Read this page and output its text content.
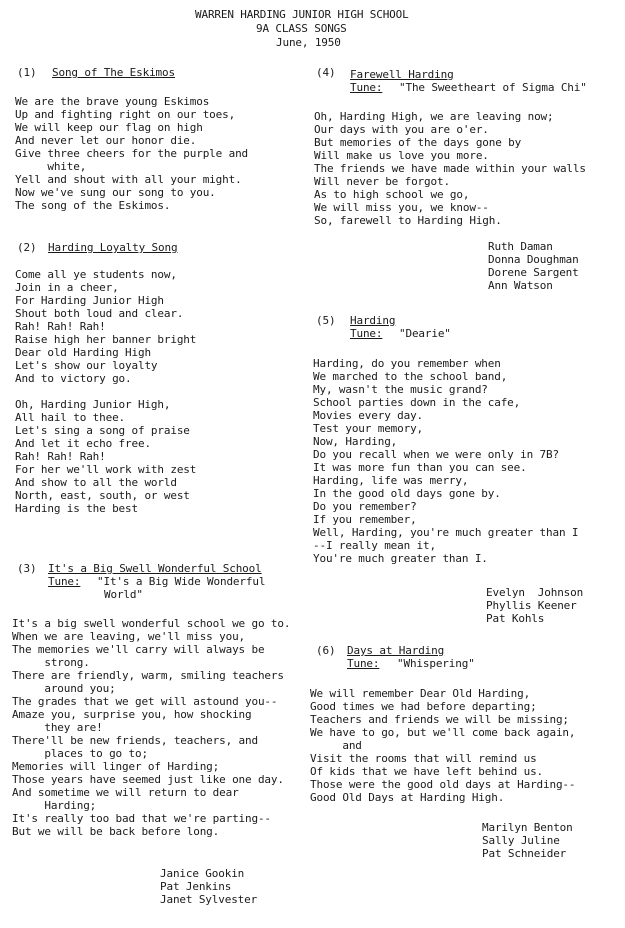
WARREN HARDING JUNIOR HIGH SCHOOL
9A CLASS SONGS
June, 1950
(1) Song of The Eskimos
We are the brave young Eskimos
Up and fighting right on our toes,
We will keep our flag on high
And never let our honor die.
Give three cheers for the purple and
white,
Yell and shout with all your might.
Now we've sung our song to you.
The song of the Eskimos.
(2) Harding Loyalty Song
Come all ye students now,
Join in a cheer,
For Harding Junior High
Shout both loud and clear.
Rah! Rah! Rah!
Raise high her banner bright
Dear old Harding High
Let's show our loyalty
And to victory go.
Oh, Harding Junior High,
All hail to thee.
Let's sing a song of praise
And let it echo free.
Rah! Rah! Rah!
For her we'll work with zest
And show to all the world
North, east, south, or west
Harding is the best
(3) It's a Big Swell Wonderful School
Tune: "It's a Big Wide Wonderful
World"
It's a big swell wonderful school we go to.
When we are leaving, we'll miss you,
The memories we'll carry will always be
strong.
There are friendly, warm, smiling teachers
around you;
The grades that we get will astound you--
Amaze you, surprise you, how shocking
they are!
There'll be new friends, teachers, and
places to go to;
Memories will linger of Harding;
Those years have seemed just like one day.
And sometime we will return to dear
Harding;
It's really too bad that we're parting--
But we will be back before long.
Janice Gookin
Pat Jenkins
Janet Sylvester
(4) Farewell Harding
Tune: "The Sweetheart of Sigma Chi"
Oh, Harding High, we are leaving now;
Our days with you are o'er.
But memories of the days gone by
Will make us love you more.
The friends we have made within your walls
Will never be forgot.
As to high school we go,
We will miss you, we know--
So, farewell to Harding High.
Ruth Daman
Donna Doughman
Dorene Sargent
Ann Watson
(5) Harding
Tune: "Dearie"
Harding, do you remember when
We marched to the school band,
My, wasn't the music grand?
School parties down in the cafe,
Movies every day.
Test your memory,
Now, Harding,
Do you recall when we were only in 7B?
It was more fun than you can see.
Harding, life was merry,
In the good old days gone by.
Do you remember?
If you remember,
Well, Harding, you're much greater than I
--I really mean it,
You're much greater than I.
Evelyn  Johnson
Phyllis Keener
Pat Kohls
(6) Days at Harding
Tune: "Whispering"
We will remember Dear Old Harding,
Good times we had before departing;
Teachers and friends we will be missing;
We have to go, but we'll come back again,
and
Visit the rooms that will remind us
Of kids that we have left behind us.
Those were the good old days at Harding--
Good Old Days at Harding High.
Marilyn Benton
Sally Juline
Pat Schneider
